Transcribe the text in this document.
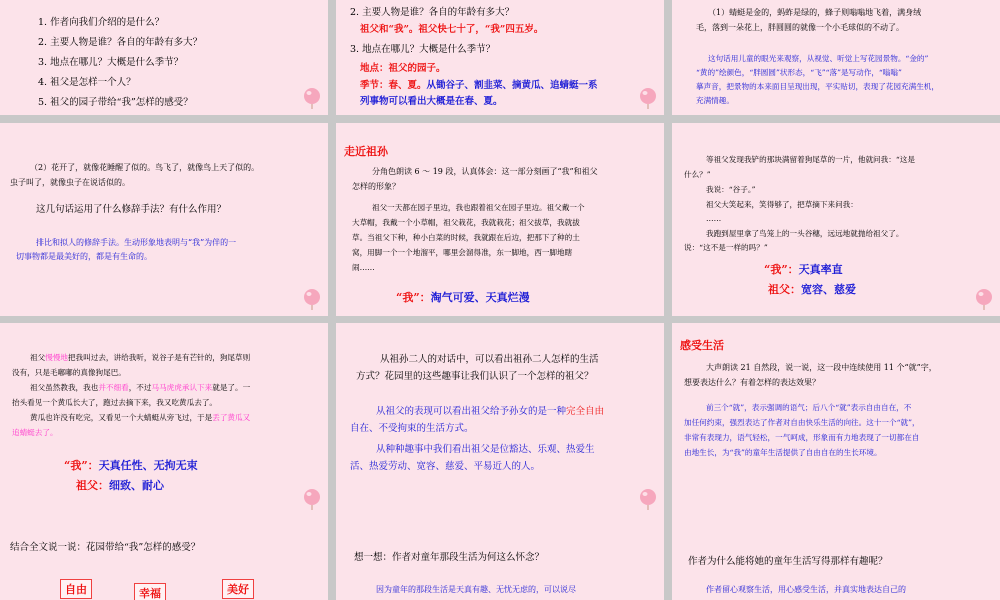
1. 作者向我们介绍的是什么？
2. 主要人物是谁？各自的年龄有多大？
3. 地点在哪儿？大概是什么季节？
4. 祖父是怎样一个人？
5. 祖父的园子带给“我”怎样的感受？
2. 主要人物是谁？各自的年龄有多大？
祖父和“我”。祖父快七十了，“我”四五岁。
3. 地点在哪儿？大概是什么季节？
地点：祖父的园子。
季节：春、夏。从锄谷子、割韭菜、摘黄瓜、追蜻蜓一系
列事物可以看出大概是在春、夏。
（1）蜻蜓是金的，蚂蚱是绿的，蜂子则嗡嗡地飞着，满身绒
毛，落到一朵花上，胖圆圆的就像一个小毛球似的不动了。
这句话用儿童的眼光来观察，从视觉、听觉上写花园景物。“金的”
“黄的”绘颜色，“胖圆圆”状形态，“飞”“落”是写动作，“嗡嗡”
摹声音，把景物的本来面目呈现出现，平实贴切，表现了花园充满生机，
充满情趣。
（2）花开了，就像花睡醒了似的。鸟飞了，就像鸟上天了似的。
虫子叫了，就像虫子在说话似的。
这几句话运用了什么修辞手法？有什么作用？
排比和拟人的修辞手法。生动形象地表明与“我”为伴的一
切事物都是最美好的，都是有生命的。
走近祖孙
分角色朗读 6 ～ 19 段，认真体会：这一部分刻画了“我”和祖父
怎样的形象？
祖父一天都在园子里边，我也跟着祖父在园子里边。祖父戴一个
大草帽，我戴一个小草帽，祖父栽花，我就栽花；祖父拔草，我就拔
草。当祖父下种，种小白菜的时候，我就跟在后边，把那下了种的土
窝，用脚一个一个地溜平，哪里会溜得准，东一脚地，西一脚地瞎
闹……
“我”：淘气可爱、天真烂漫
等祖父发现我铲的那块满留着狗尾草的一片，他就问我：“这是
什么？”
我说：“谷子。”
祖父大笑起来，笑得够了，把草摘下来问我：
……
我跑到屋里拿了鸟笼上的一头谷穗，远远地就抛给祖父了。
说：“这不是一样的吗？”
“我”：天真率直
祖父：宽容、慈爱
祖父慢慢地把我叫过去，讲给我听，说谷子是有芒针的，狗尾草则
没有，只是毛嘟嘟的真像狗尾巴。
祖父虽然教我，我也并不细看，不过马马虎虎承认下来就是了。一
抬头看见一个黄瓜长大了，跑过去摘下来，我又吃黄瓜去了。
黄瓜也许没有吃完，又看见一个大蜻蜓从旁飞过，于是丢了黄瓜又
追蜻蜓去了。
“我”：天真任性、无拘无束
祖父：细致、耐心
从祖孙二人的对话中，可以看出祖孙二人怎样的生活
方式？花园里的这些趣事让我们认识了一个怎样的祖父？
从祖父的表现可以看出祖父给予孙女的是一种完全自由
自在、不受拘束的生活方式。
从种种趣事中我们看出祖父是位豁达、乐观、热爱生
活、热爱劳动、宽容、慈爱、平易近人的人。
感受生活
大声朗读 21 自然段，说一说，这一段中连续使用 11 个“就”字，
想要表达什么？有着怎样的表达效果？
前三个“就”，表示强调的语气；后八个“就”表示自由自在，不
加任何约束，强烈表达了作者对自由快乐生活的向往。这十一个“就”，
非常有表现力，语气轻松，一气呵成，形象而有力地表现了一切都在自
由地生长，为“我”的童年生活提供了自由自在的生长环境。
结合全文说一说：花园带给“我”怎样的感受？
自由	幸福	美好
想一想：作者对童年那段生活为何这么怀念？
因为童年的那段生活是天真有趣、无忧无虑的，可以说尽
作者为什么能将她的童年生活写得那样有趣呢？
作者留心观察生活，用心感受生活，并真实地表达自己的
